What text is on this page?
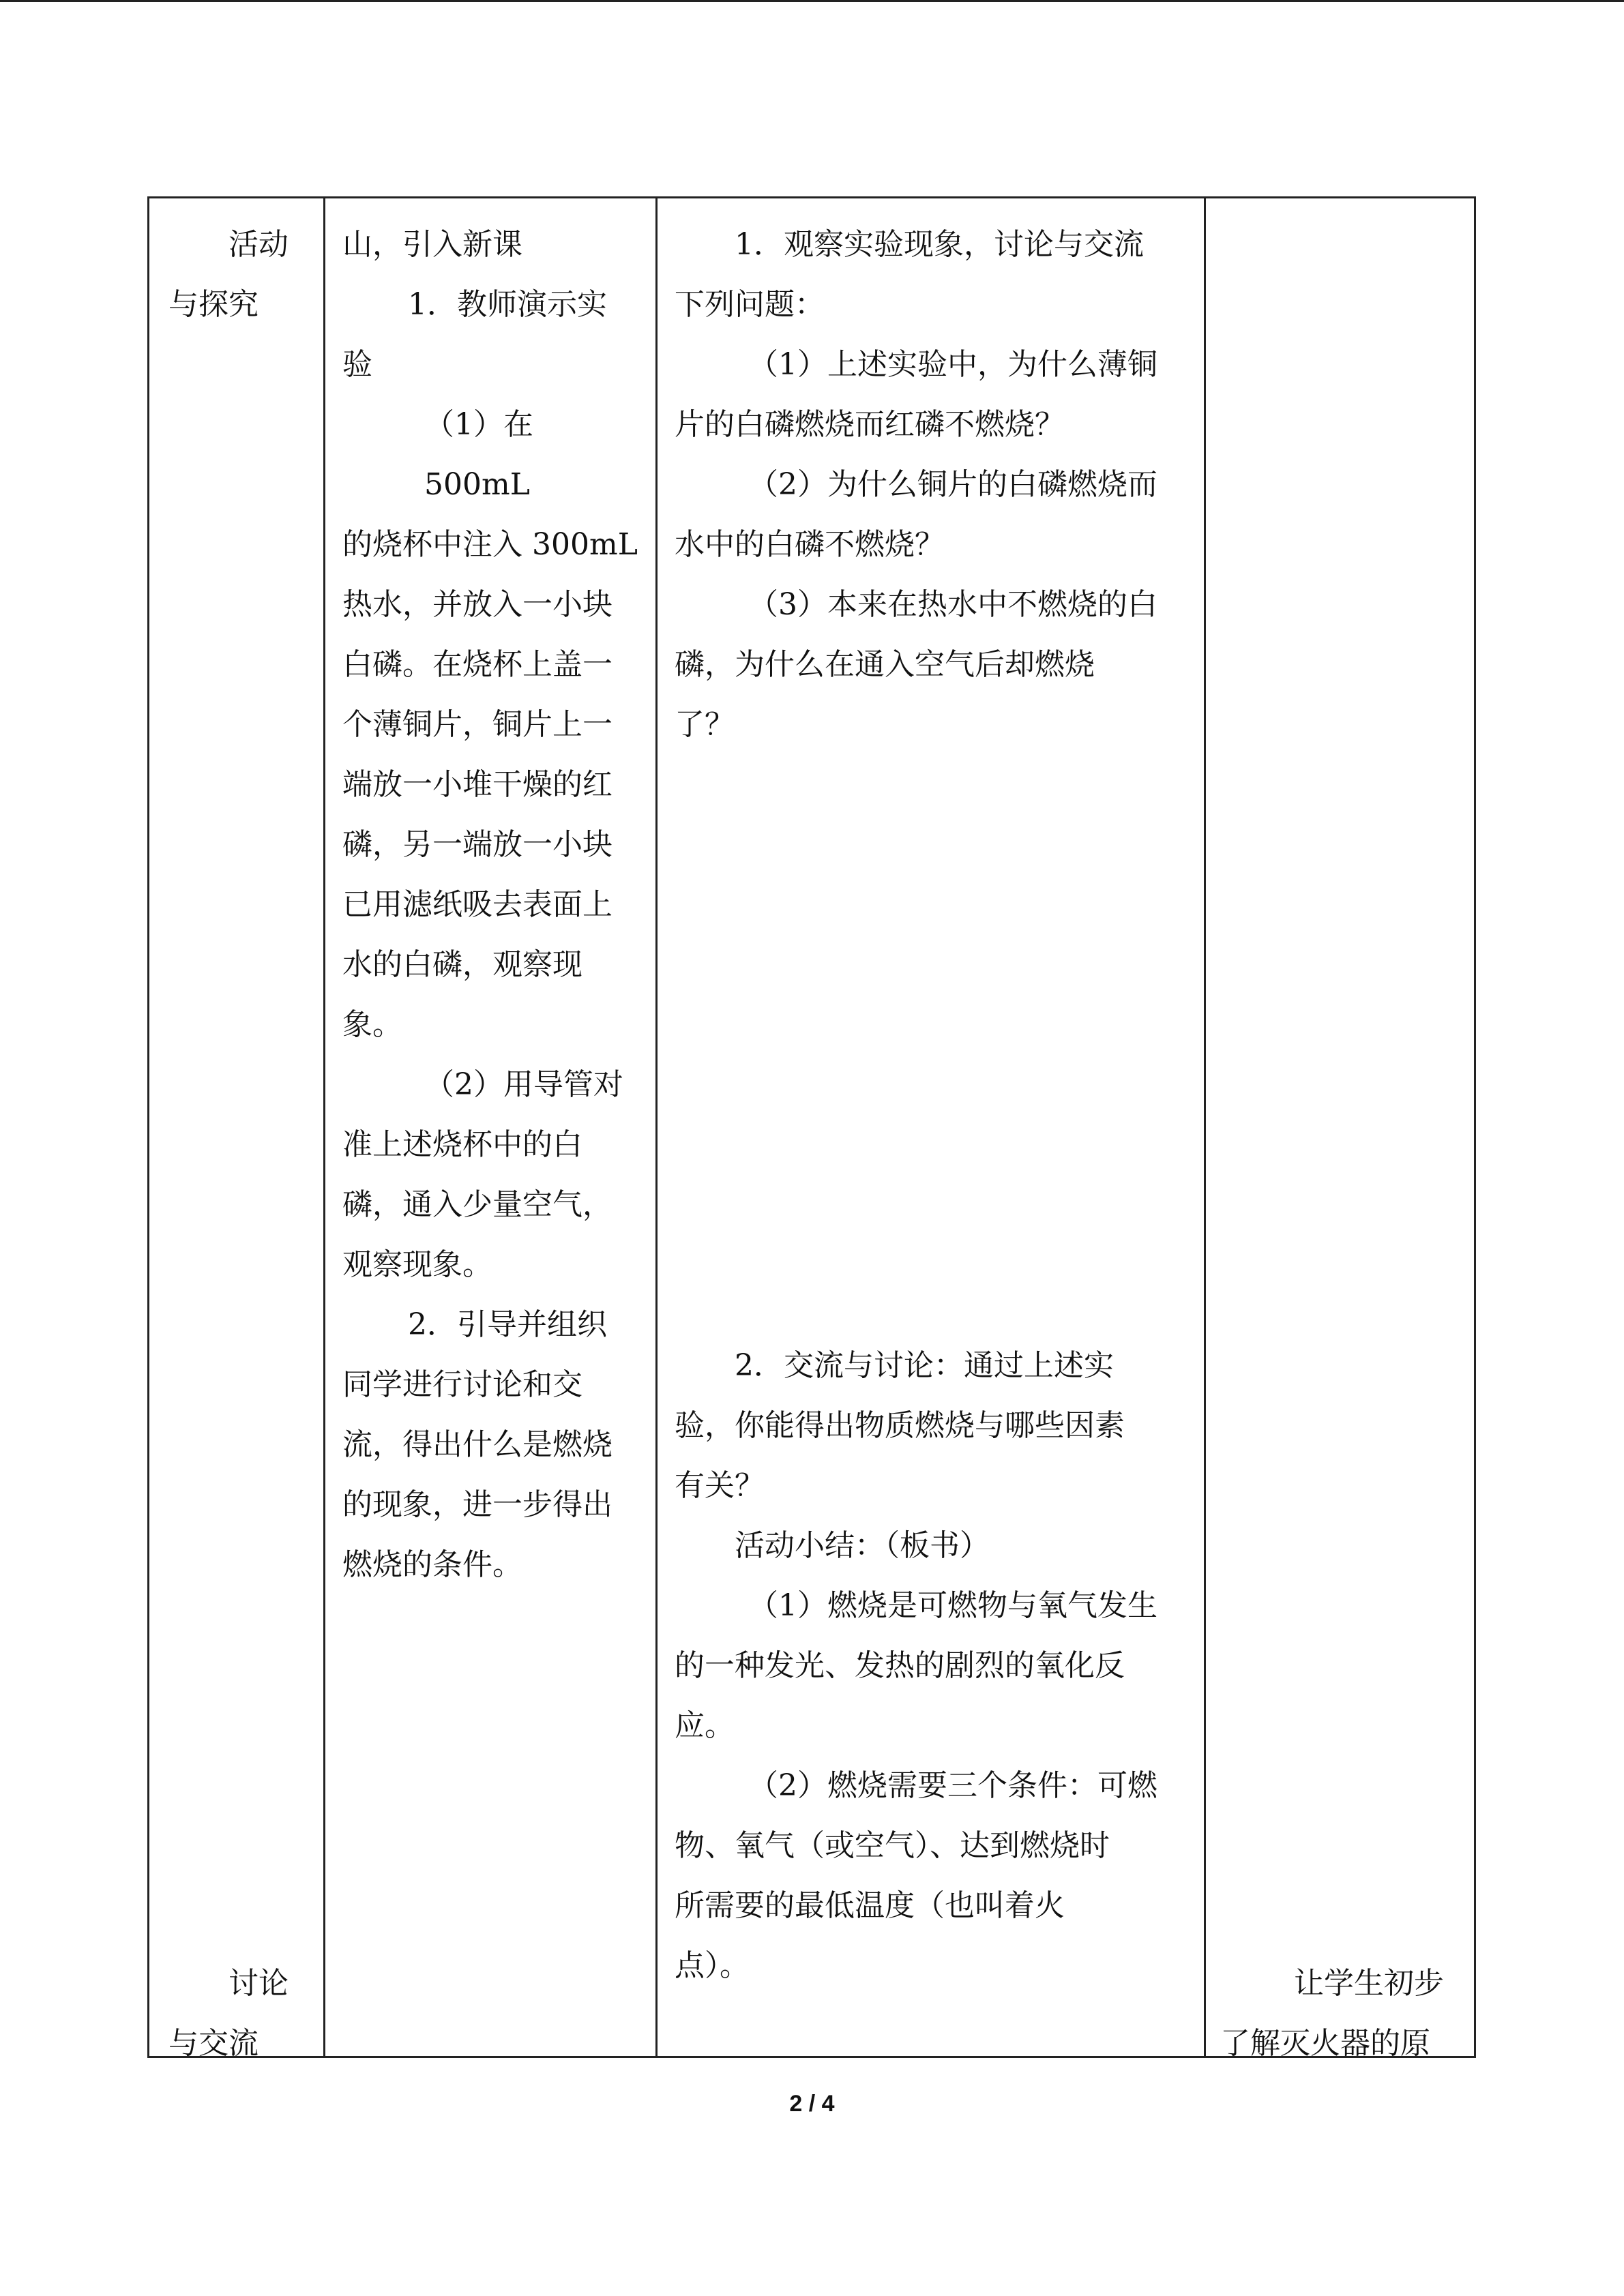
活动

与探究

讨论

与交流

山，引入新课

1．教师演示实

验

（1）在 500mL

的烧杯中注入 300mL

热水，并放入一小块

白磷。在烧杯上盖一

个薄铜片，铜片上一

端放一小堆干燥的红

磷，另一端放一小块

已用滤纸吸去表面上

水的白磷，观察现

象。

（2）用导管对

准上述烧杯中的白

磷，通入少量空气，

观察现象。

2．引导并组织

同学进行讨论和交

流，得出什么是燃烧

的现象，进一步得出

燃烧的条件。

1．观察实验现象，讨论与交流

下列问题：

（1）上述实验中，为什么薄铜

片的白磷燃烧而红磷不燃烧？

（2）为什么铜片的白磷燃烧而

水中的白磷不燃烧？

（3）本来在热水中不燃烧的白

磷，为什么在通入空气后却燃烧

了？

2．交流与讨论：通过上述实

验，你能得出物质燃烧与哪些因素

有关？

活动小结：（板书）

（1）燃烧是可燃物与氧气发生

的一种发光、发热的剧烈的氧化反

应。

（2）燃烧需要三个条件：可燃

物、氧气（或空气）、达到燃烧时

所需要的最低温度（也叫着火

点）。

让学生初步

了解灭火器的原

2 / 4
